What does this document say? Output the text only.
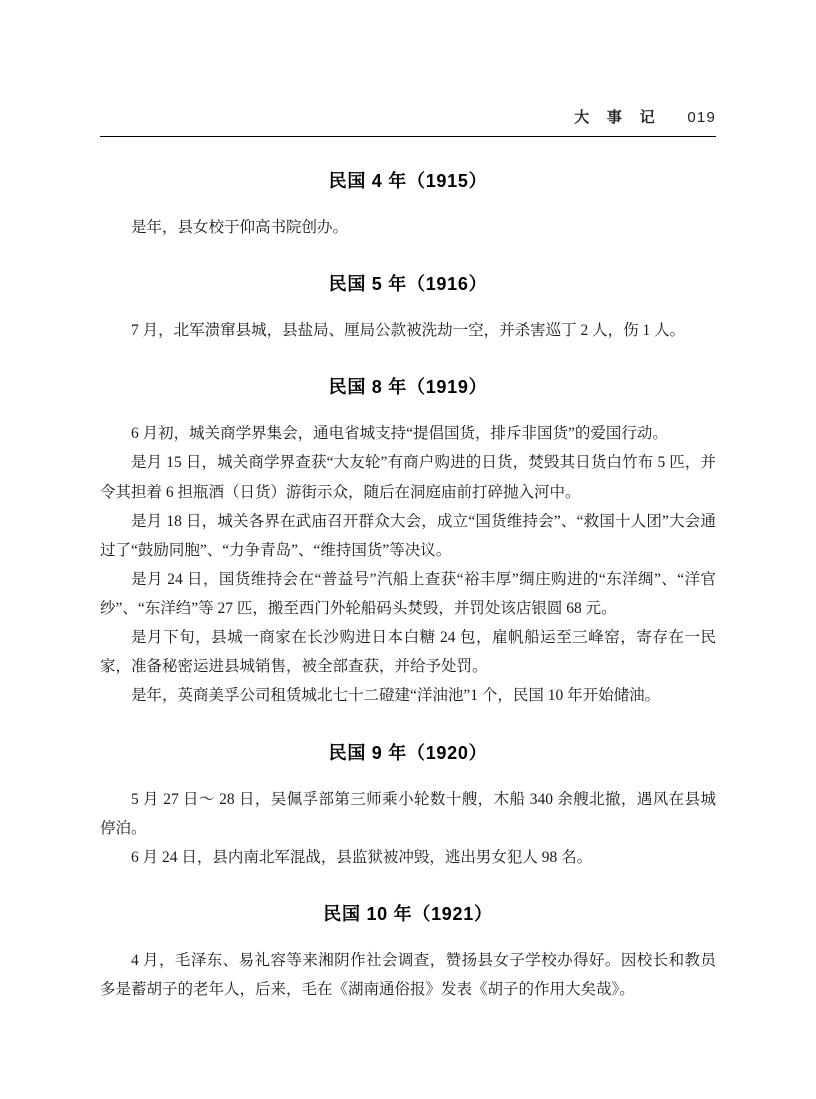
大 事 记 019
民国 4 年（1915）

是年，县女校于仰高书院创办。

民国 5 年（1916）

7 月，北军溃窜县城，县盐局、厘局公款被洗劫一空，并杀害巡丁 2 人，伤 1 人。

民国 8 年（1919）

6 月初，城关商学界集会，通电省城支持“提倡国货，排斥非国货”的爱国行动。

是月 15 日，城关商学界查获“大友轮”有商户购进的日货，焚毁其日货白竹布 5 匹，并令其担着 6 担瓶酒（日货）游街示众，随后在洞庭庙前打碎抛入河中。

是月 18 日，城关各界在武庙召开群众大会，成立“国货维持会”、“救国十人团”大会通过了“鼓励同胞”、“力争青岛”、“维持国货”等决议。

是月 24 日，国货维持会在“普益号”汽船上查获“裕丰厚”绸庄购进的“东洋绸”、“洋官纱”、“东洋绉”等 27 匹，搬至西门外轮船码头焚毁，并罚处该店银圆 68 元。

是月下旬，县城一商家在长沙购进日本白糖 24 包，雇帆船运至三峰窑，寄存在一民家，准备秘密运进县城销售，被全部查获，并给予处罚。

是年，英商美孚公司租赁城北七十二磴建“洋油池”1 个，民国 10 年开始储油。

民国 9 年（1920）

5 月 27 日～ 28 日，吴佩孚部第三师乘小轮数十艘，木船 340 余艘北撤，遇风在县城停泊。

6 月 24 日，县内南北军混战，县监狱被冲毁，逃出男女犯人 98 名。

民国 10 年（1921）

4 月，毛泽东、易礼容等来湘阴作社会调查，赞扬县女子学校办得好。因校长和教员多是蓄胡子的老年人，后来，毛在《湖南通俗报》发表《胡子的作用大矣哉》。
